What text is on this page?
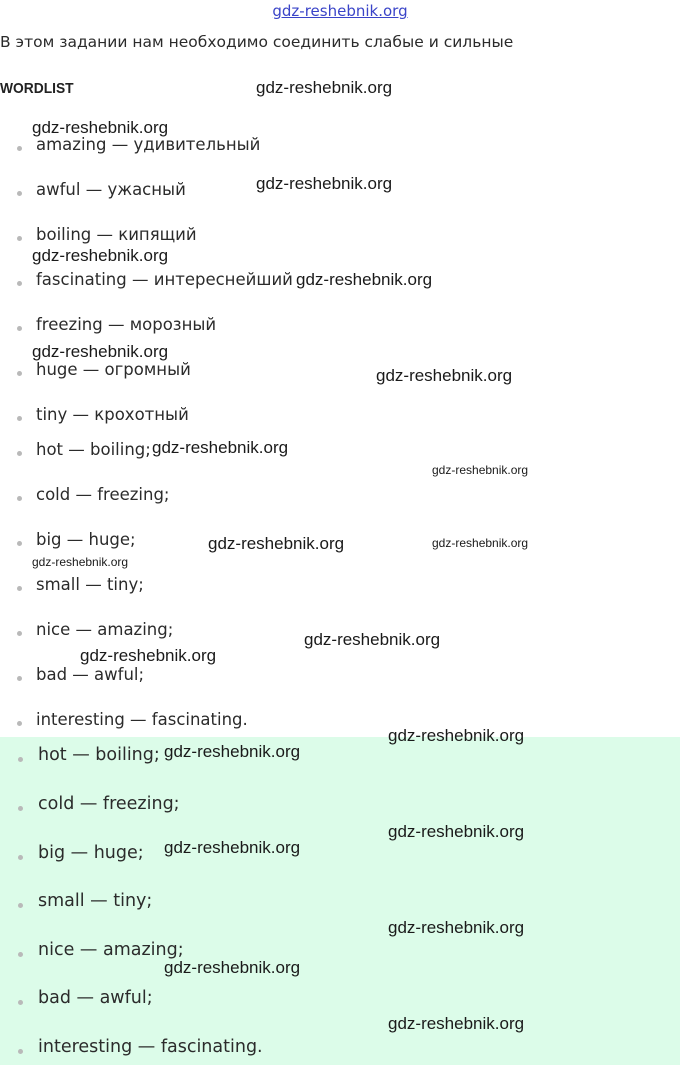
gdz-reshebnik.org
В этом задании нам необходимо соединить слабые и сильные
WORDLIST
amazing — удивительный
awful — ужасный
boiling — кипящий
fascinating — интереснейший
freezing — морозный
huge — огромный
tiny — крохотный
hot — boiling;
cold — freezing;
big — huge;
small — tiny;
nice — amazing;
bad — awful;
interesting — fascinating.
hot — boiling;
cold — freezing;
big — huge;
small — tiny;
nice — amazing;
bad — awful;
interesting — fascinating.
gdz-reshebnik.org
gdz-reshebnik.org
gdz-reshebnik.org
gdz-reshebnik.org
gdz-reshebnik.org
gdz-reshebnik.org
gdz-reshebnik.org
gdz-reshebnik.org
gdz-reshebnik.org
gdz-reshebnik.org	gdz-reshebnik.org
gdz-reshebnik.org
gdz-reshebnik.org
gdz-reshebnik.org
gdz-reshebnik.org
gdz-reshebnik.org
gdz-reshebnik.org
gdz-reshebnik.org
gdz-reshebnik.org
gdz-reshebnik.org
gdz-reshebnik.org
